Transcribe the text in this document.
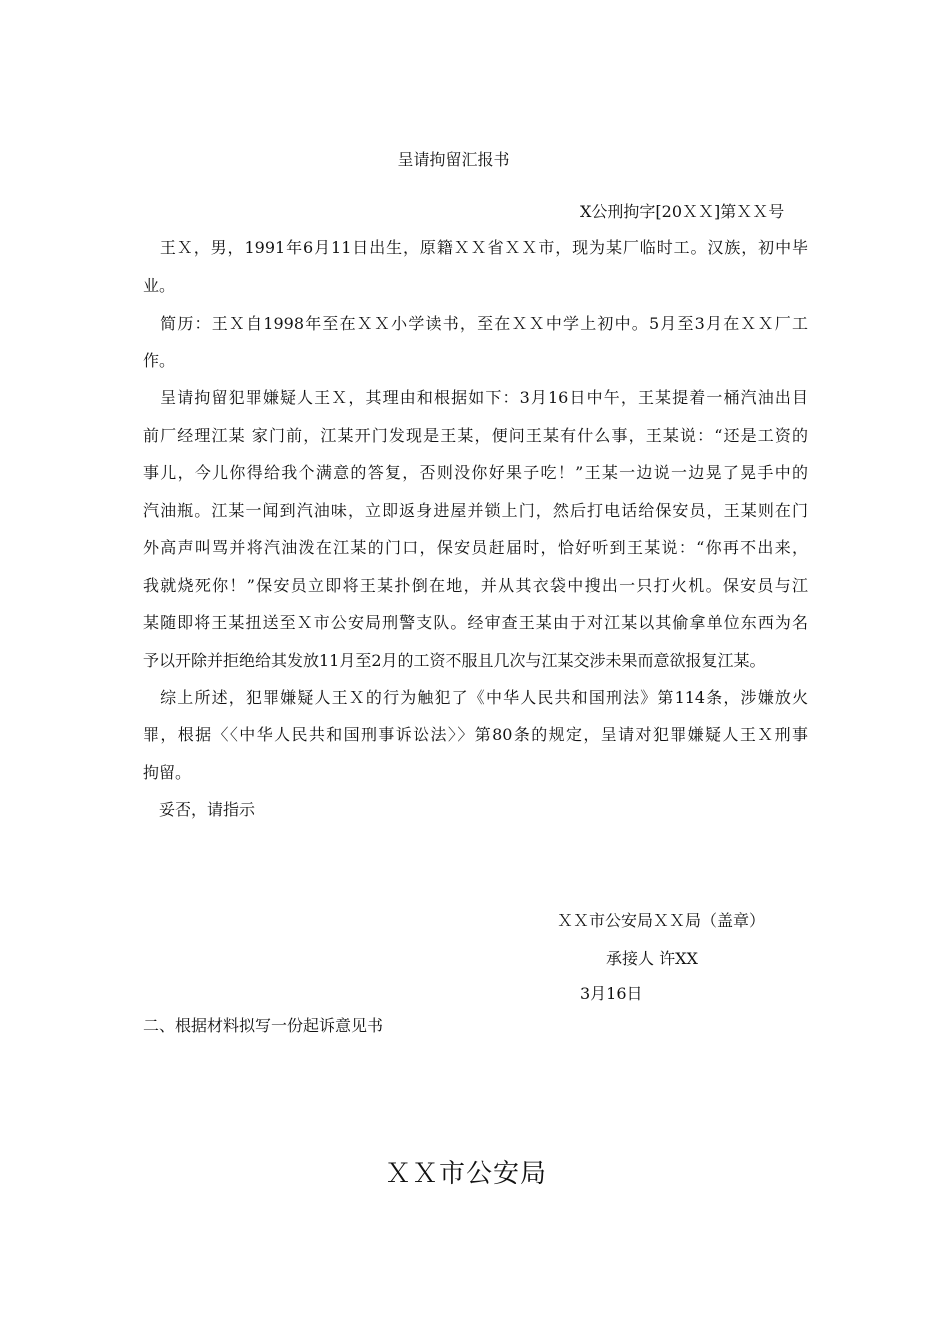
呈请拘留汇报书
X公刑拘字[20ＸＸ]第ＸＸ号
　王Ｘ，男，1991年6月11日出生，原籍ＸＸ省ＸＸ市，现为某厂临时工。汉族，初中毕
业。
　简历：王Ｘ自1998年至在ＸＸ小学读书，至在ＸＸ中学上初中。5月至3月在ＸＸ厂工
作。
　呈请拘留犯罪嫌疑人王Ｘ，其理由和根据如下：3月16日中午，王某提着一桶汽油出目
前厂经理江某 家门前，江某开门发现是王某，便问王某有什么事，王某说：“还是工资的
事儿，今儿你得给我个满意的答复，否则没你好果子吃！”王某一边说一边晃了晃手中的
汽油瓶。江某一闻到汽油味，立即返身进屋并锁上门，然后打电话给保安员，王某则在门
外高声叫骂并将汽油泼在江某的门口，保安员赶届时，恰好听到王某说：“你再不出来，
我就烧死你！”保安员立即将王某扑倒在地，并从其衣袋中搜出一只打火机。保安员与江
某随即将王某扭送至Ｘ市公安局刑警支队。经审查王某由于对江某以其偷拿单位东西为名
予以开除并拒绝给其发放11月至2月的工资不服且几次与江某交涉未果而意欲报复江某。
　综上所述，犯罪嫌疑人王Ｘ的行为触犯了《中华人民共和国刑法》第114条，涉嫌放火
罪，根据〈〈中华人民共和国刑事诉讼法〉〉第80条的规定，呈请对犯罪嫌疑人王Ｘ刑事
拘留。
　妥否，请指示
ＸＸ市公安局ＸＸ局（盖章）
承接人 许XX
3月16日
二、根据材料拟写一份起诉意见书
ＸＸ市公安局
